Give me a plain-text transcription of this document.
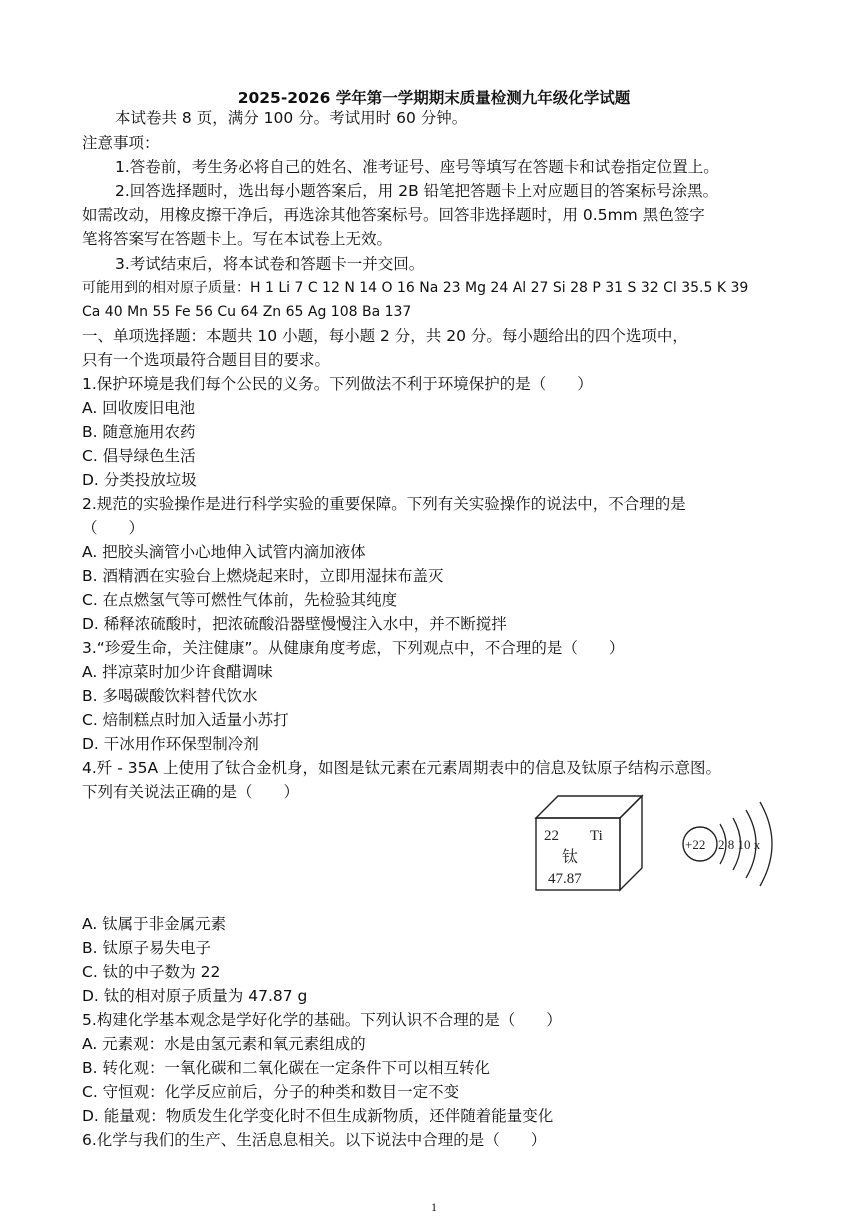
2025-2026 学年第一学期期末质量检测九年级化学试题
本试卷共 8 页，满分 100 分。考试用时 60 分钟。
注意事项：
1.答卷前，考生务必将自己的姓名、准考证号、座号等填写在答题卡和试卷指定位置上。
2.回答选择题时，选出每小题答案后，用 2B 铅笔把答题卡上对应题目的答案标号涂黑。
如需改动，用橡皮擦干净后，再选涂其他答案标号。回答非选择题时，用 0.5mm 黑色签字
笔将答案写在答题卡上。写在本试卷上无效。
3.考试结束后，将本试卷和答题卡一并交回。
可能用到的相对原子质量：H 1 Li 7 C 12 N 14 O 16 Na 23 Mg 24 Al 27 Si 28 P 31 S 32 Cl 35.5 K 39
Ca 40 Mn 55 Fe 56 Cu 64 Zn 65 Ag 108 Ba 137
一、单项选择题：本题共 10 小题，每小题 2 分，共 20 分。每小题给出的四个选项中，
只有一个选项最符合题目目的要求。
1.保护环境是我们每个公民的义务。下列做法不利于环境保护的是（　　）
A. 回收废旧电池
B. 随意施用农药
C. 倡导绿色生活
D. 分类投放垃圾
2.规范的实验操作是进行科学实验的重要保障。下列有关实验操作的说法中，不合理的是
（　　）
A. 把胶头滴管小心地伸入试管内滴加液体
B. 酒精洒在实验台上燃烧起来时，立即用湿抹布盖灭
C. 在点燃氢气等可燃性气体前，先检验其纯度
D. 稀释浓硫酸时，把浓硫酸沿器壁慢慢注入水中，并不断搅拌
3.“珍爱生命，关注健康”。从健康角度考虑，下列观点中，不合理的是（　　）
A. 拌凉菜时加少许食醋调味
B. 多喝碳酸饮料替代饮水
C. 焙制糕点时加入适量小苏打
D. 干冰用作环保型制冷剂
4.歼 - 35A 上使用了钛合金机身，如图是钛元素在元素周期表中的信息及钛原子结构示意图。
下列有关说法正确的是（　　）
22 Ti
钛
47.87
+22 2 8 10 x
A. 钛属于非金属元素
B. 钛原子易失电子
C. 钛的中子数为 22
D. 钛的相对原子质量为 47.87 g
5.构建化学基本观念是学好化学的基础。下列认识不合理的是（　　）
A. 元素观：水是由氢元素和氧元素组成的
B. 转化观：一氧化碳和二氧化碳在一定条件下可以相互转化
C. 守恒观：化学反应前后，分子的种类和数目一定不变
D. 能量观：物质发生化学变化时不但生成新物质，还伴随着能量变化
6.化学与我们的生产、生活息息相关。以下说法中合理的是（　　）
1
